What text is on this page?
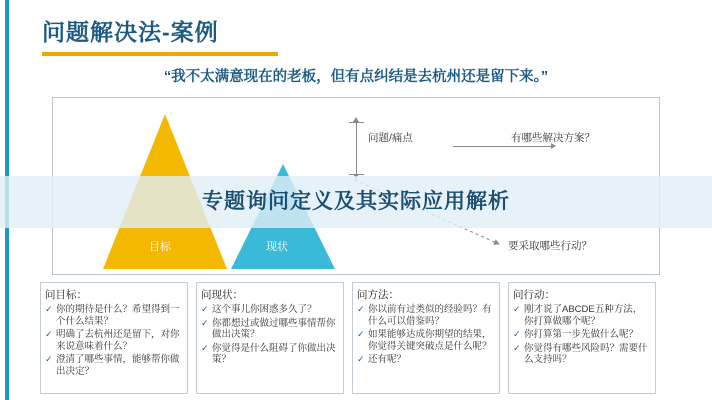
问题解决法-案例
“我不太满意现在的老板，但有点纠结是去杭州还是留下来。”
目标	现状
问题/痛点	有哪些解决方案？
要采取哪些行动？
问目标：
✓ 你的期待是什么？希望得到一个什么结果？
✓ 明确了去杭州还是留下，对你来说意味着什么？
✓ 澄清了哪些事情，能够帮你做出决定？
问现状：
✓ 这个事儿你困惑多久了？
✓ 你都想过或做过哪些事情帮你做出决策？
✓ 你觉得是什么阻碍了你做出决策？
问方法：
✓ 你以前有过类似的经验吗？有什么可以借鉴吗？
✓ 如果能够达成你期望的结果，你觉得关键突破点是什么呢？
✓ 还有呢？
问行动：
✓ 刚才说了ABCDE五种方法，你打算做哪个呢？
✓ 你打算第一步先做什么呢？
✓ 你觉得有哪些风险吗？需要什么支持吗？
专题询问定义及其实际应用解析
